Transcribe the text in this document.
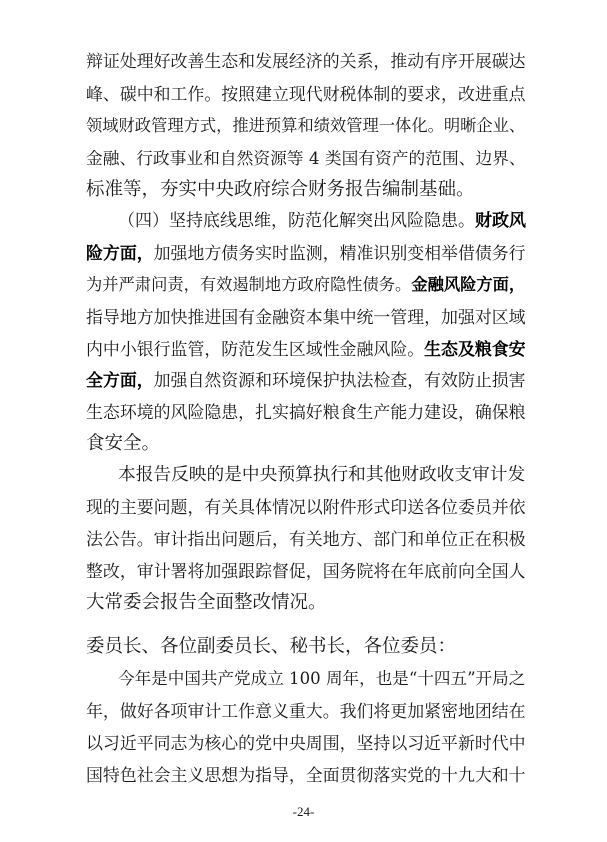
辩证处理好改善生态和发展经济的关系，推动有序开展碳达
峰、碳中和工作。按照建立现代财税体制的要求，改进重点
领域财政管理方式，推进预算和绩效管理一体化。明晰企业、
金融、行政事业和自然资源等 4 类国有资产的范围、边界、
标准等，夯实中央政府综合财务报告编制基础。
（四）坚持底线思维，防范化解突出风险隐患。财政风
险方面，加强地方债务实时监测，精准识别变相举借债务行
为并严肃问责，有效遏制地方政府隐性债务。金融风险方面，
指导地方加快推进国有金融资本集中统一管理，加强对区域
内中小银行监管，防范发生区域性金融风险。生态及粮食安
全方面，加强自然资源和环境保护执法检查，有效防止损害
生态环境的风险隐患，扎实搞好粮食生产能力建设，确保粮
食安全。
本报告反映的是中央预算执行和其他财政收支审计发
现的主要问题，有关具体情况以附件形式印送各位委员并依
法公告。审计指出问题后，有关地方、部门和单位正在积极
整改，审计署将加强跟踪督促，国务院将在年底前向全国人
大常委会报告全面整改情况。
委员长、各位副委员长、秘书长，各位委员：
今年是中国共产党成立 100 周年，也是“十四五”开局之
年，做好各项审计工作意义重大。我们将更加紧密地团结在
以习近平同志为核心的党中央周围，坚持以习近平新时代中
国特色社会主义思想为指导，全面贯彻落实党的十九大和十
-24-
